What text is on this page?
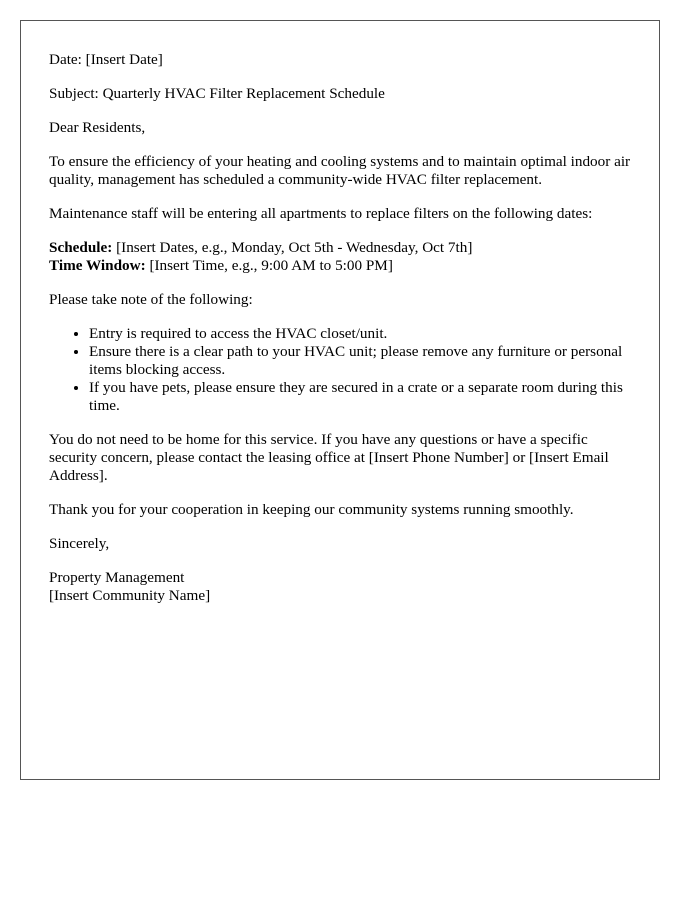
Date: [Insert Date]

Subject: Quarterly HVAC Filter Replacement Schedule

Dear Residents,

To ensure the efficiency of your heating and cooling systems and to maintain optimal indoor air quality, management has scheduled a community-wide HVAC filter replacement.

Maintenance staff will be entering all apartments to replace filters on the following dates:

Schedule: [Insert Dates, e.g., Monday, Oct 5th - Wednesday, Oct 7th]
Time Window: [Insert Time, e.g., 9:00 AM to 5:00 PM]

Please take note of the following:

• Entry is required to access the HVAC closet/unit.
• Ensure there is a clear path to your HVAC unit; please remove any furniture or personal items blocking access.
• If you have pets, please ensure they are secured in a crate or a separate room during this time.

You do not need to be home for this service. If you have any questions or have a specific security concern, please contact the leasing office at [Insert Phone Number] or [Insert Email Address].

Thank you for your cooperation in keeping our community systems running smoothly.

Sincerely,

Property Management
[Insert Community Name]
